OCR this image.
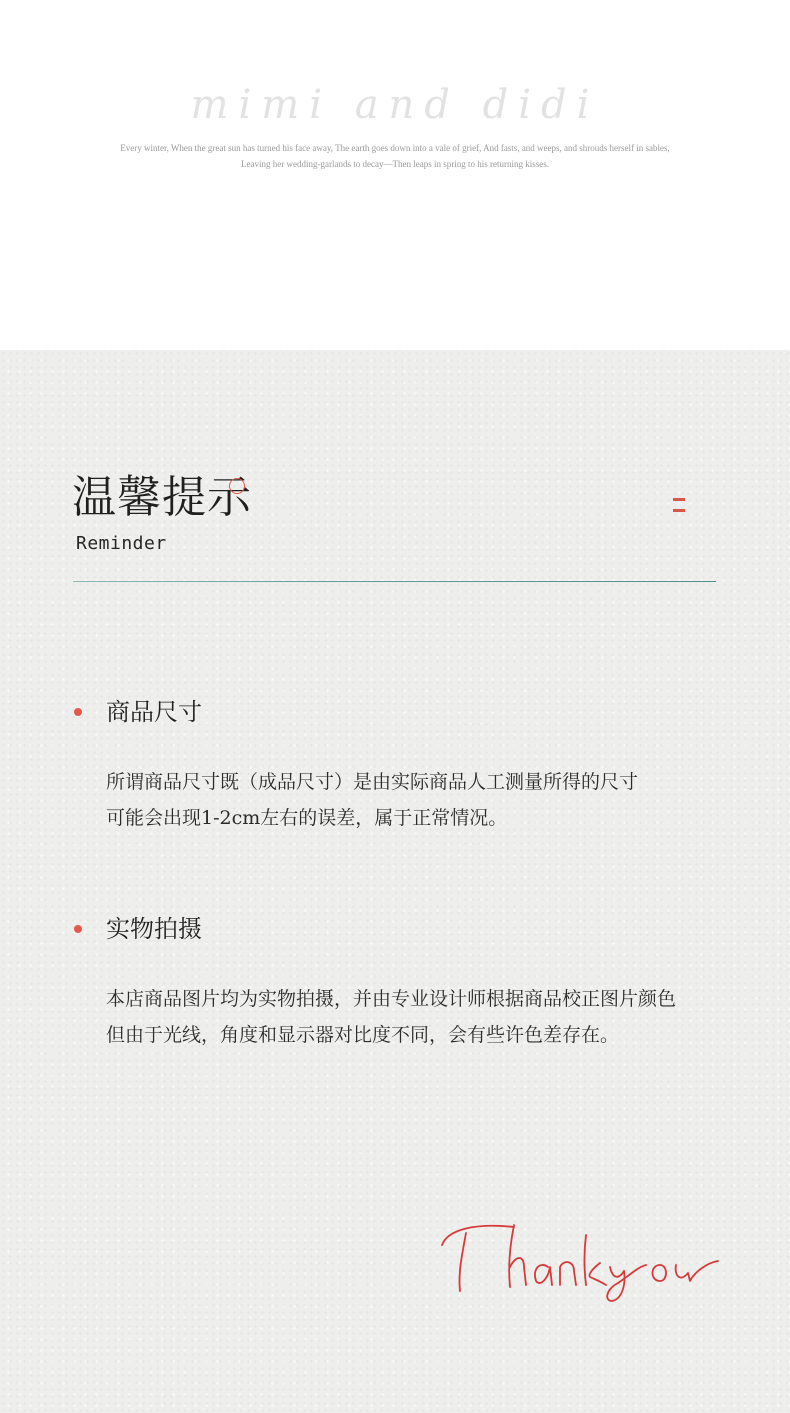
mimi and didi
Every winter, When the great sun has turned his face away, The earth goes down into a vale of grief, And fasts, and weeps, and shrouds herself in sables,
Leaving her wedding-garlands to decay—Then leaps in spring to his returning kisses.
温馨提示
Reminder
商品尺寸
所谓商品尺寸既（成品尺寸）是由实际商品人工测量所得的尺寸
可能会出现1-2cm左右的误差，属于正常情况。
实物拍摄
本店商品图片均为实物拍摄，并由专业设计师根据商品校正图片颜色
但由于光线，角度和显示器对比度不同，会有些许色差存在。
